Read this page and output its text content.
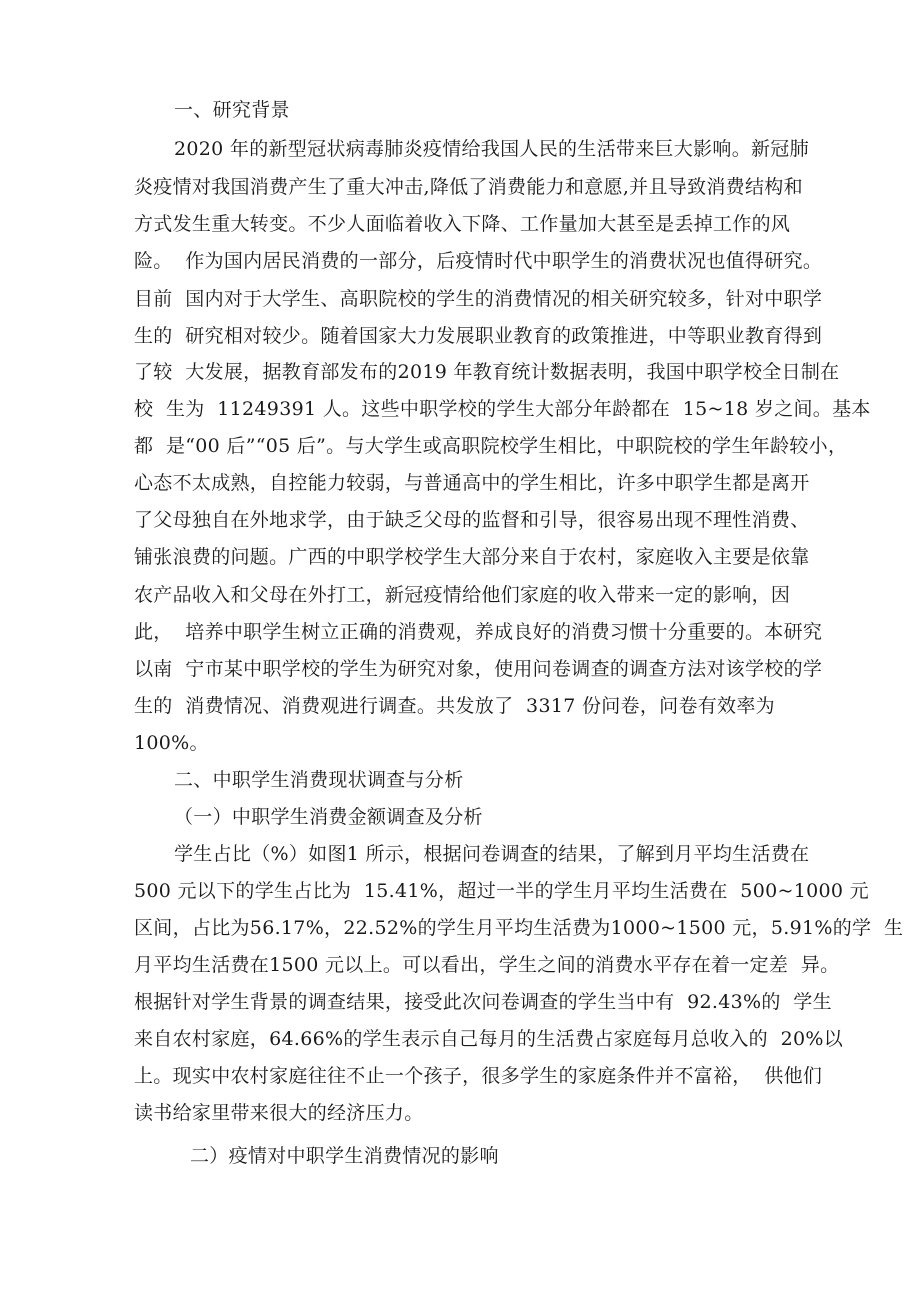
一、研究背景
2020 年的新型冠状病毒肺炎疫情给我国人民的生活带来巨大影响。新冠肺
炎疫情对我国消费产生了重大冲击,降低了消费能力和意愿,并且导致消费结构和
方式发生重大转变。不少人面临着收入下降、工作量加大甚至是丢掉工作的风
险。  作为国内居民消费的一部分，后疫情时代中职学生的消费状况也值得研究。
目前  国内对于大学生、高职院校的学生的消费情况的相关研究较多，针对中职学
生的  研究相对较少。随着国家大力发展职业教育的政策推进，中等职业教育得到
了较  大发展，据教育部发布的2019 年教育统计数据表明，我国中职学校全日制在
校  生为  11249391 人。这些中职学校的学生大部分年龄都在  15~18 岁之间。基本
都  是“00 后”“05 后”。与大学生或高职院校学生相比，中职院校的学生年龄较小，
心态不太成熟，自控能力较弱，与普通高中的学生相比，许多中职学生都是离开
了父母独自在外地求学，由于缺乏父母的监督和引导，很容易出现不理性消费、
铺张浪费的问题。广西的中职学校学生大部分来自于农村，家庭收入主要是依靠
农产品收入和父母在外打工，新冠疫情给他们家庭的收入带来一定的影响，因
此，  培养中职学生树立正确的消费观，养成良好的消费习惯十分重要的。本研究
以南  宁市某中职学校的学生为研究对象，使用问卷调查的调查方法对该学校的学
生的  消费情况、消费观进行调查。共发放了  3317 份问卷，问卷有效率为
100%。
二、中职学生消费现状调查与分析
（一）中职学生消费金额调查及分析
学生占比（%）如图1 所示，根据问卷调查的结果，了解到月平均生活费在
500 元以下的学生占比为  15.41%，超过一半的学生月平均生活费在  500~1000 元
区间，占比为56.17%，22.52%的学生月平均生活费为1000~1500 元，5.91%的学  生
月平均生活费在1500 元以上。可以看出，学生之间的消费水平存在着一定差  异。
根据针对学生背景的调查结果，接受此次问卷调查的学生当中有  92.43%的  学生
来自农村家庭，64.66%的学生表示自己每月的生活费占家庭每月总收入的  20%以
上。现实中农村家庭往往不止一个孩子，很多学生的家庭条件并不富裕，  供他们
读书给家里带来很大的经济压力。
二）疫情对中职学生消费情况的影响
